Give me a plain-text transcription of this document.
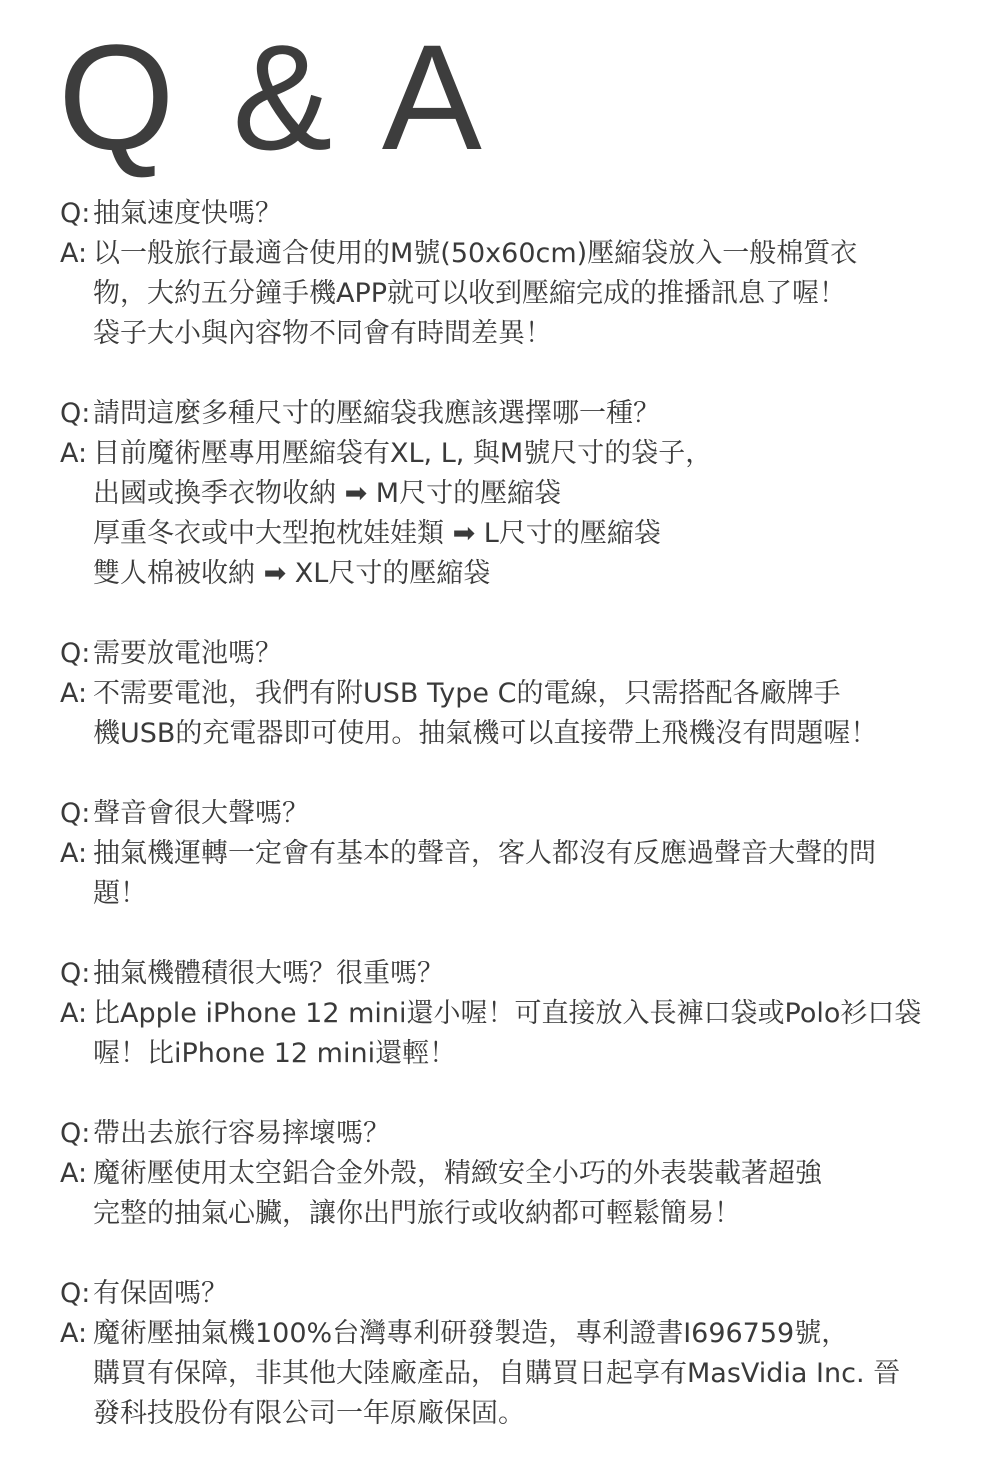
Q & A
Q: 抽氣速度快嗎？
A: 以一般旅行最適合使用的M號(50x60cm)壓縮袋放入一般棉質衣
物，大約五分鐘手機APP就可以收到壓縮完成的推播訊息了喔！
袋子大小與內容物不同會有時間差異！
Q: 請問這麼多種尺寸的壓縮袋我應該選擇哪一種？
A: 目前魔術壓專用壓縮袋有XL, L, 與M號尺寸的袋子，
出國或換季衣物收納 ➡ M尺寸的壓縮袋
厚重冬衣或中大型抱枕娃娃類 ➡ L尺寸的壓縮袋
雙人棉被收納 ➡ XL尺寸的壓縮袋
Q: 需要放電池嗎？
A: 不需要電池，我們有附USB Type C的電線，只需搭配各廠牌手
機USB的充電器即可使用。抽氣機可以直接帶上飛機沒有問題喔！
Q: 聲音會很大聲嗎？
A: 抽氣機運轉一定會有基本的聲音，客人都沒有反應過聲音大聲的問
題！
Q: 抽氣機體積很大嗎？很重嗎？
A: 比Apple iPhone 12 mini還小喔！可直接放入長褲口袋或Polo衫口袋
喔！比iPhone 12 mini還輕！
Q: 帶出去旅行容易摔壞嗎？
A: 魔術壓使用太空鋁合金外殼，精緻安全小巧的外表裝載著超強
完整的抽氣心臟，讓你出門旅行或收納都可輕鬆簡易！
Q: 有保固嗎？
A: 魔術壓抽氣機100%台灣專利研發製造，專利證書I696759號，
購買有保障，非其他大陸廠產品，自購買日起享有MasVidia Inc. 晉
發科技股份有限公司一年原廠保固。
